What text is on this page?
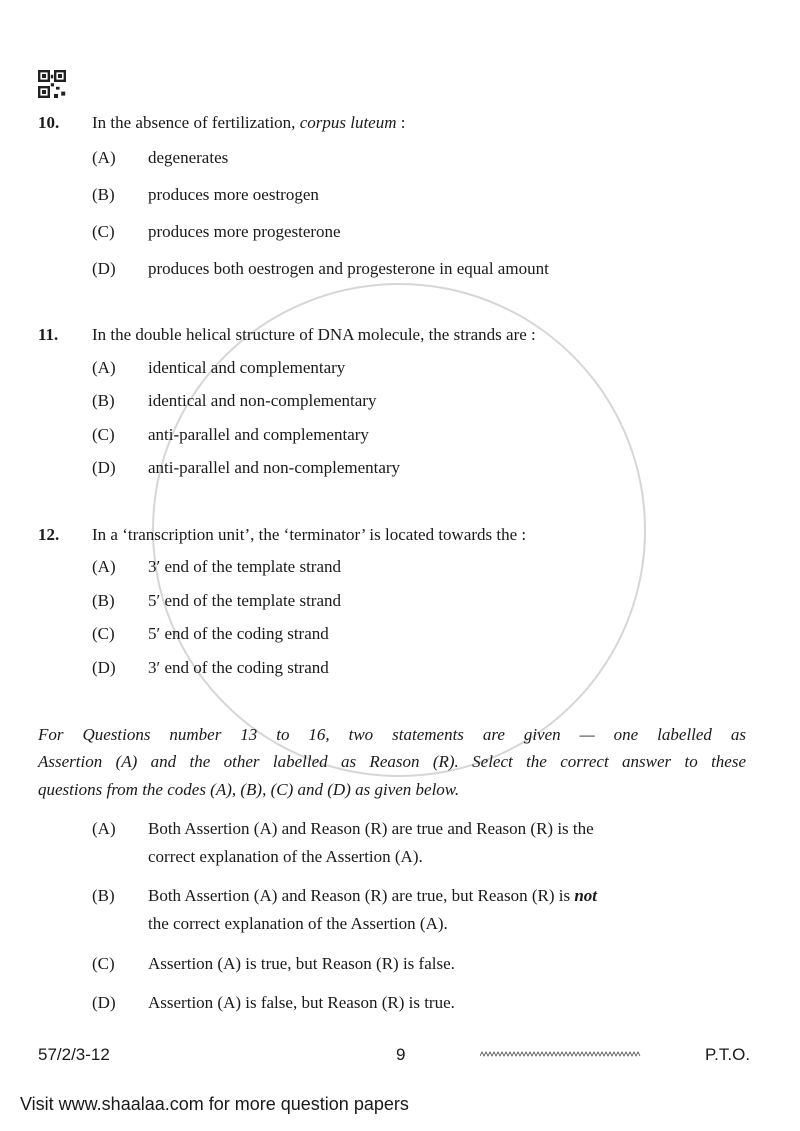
10. In the absence of fertilization, corpus luteum :
(A) degenerates
(B) produces more oestrogen
(C) produces more progesterone
(D) produces both oestrogen and progesterone in equal amount
11. In the double helical structure of DNA molecule, the strands are :
(A) identical and complementary
(B) identical and non-complementary
(C) anti-parallel and complementary
(D) anti-parallel and non-complementary
12. In a ‘transcription unit’, the ‘terminator’ is located towards the :
(A) 3′ end of the template strand
(B) 5′ end of the template strand
(C) 5′ end of the coding strand
(D) 3′ end of the coding strand
For Questions number 13 to 16, two statements are given — one labelled as
Assertion (A) and the other labelled as Reason (R). Select the correct answer to these
questions from the codes (A), (B), (C) and (D) as given below.
(A) Both Assertion (A) and Reason (R) are true and Reason (R) is the
correct explanation of the Assertion (A).
(B) Both Assertion (A) and Reason (R) are true, but Reason (R) is not
the correct explanation of the Assertion (A).
(C) Assertion (A) is true, but Reason (R) is false.
(D) Assertion (A) is false, but Reason (R) is true.
57/2/3-12	9	P.T.O.
Visit www.shaalaa.com for more question papers
